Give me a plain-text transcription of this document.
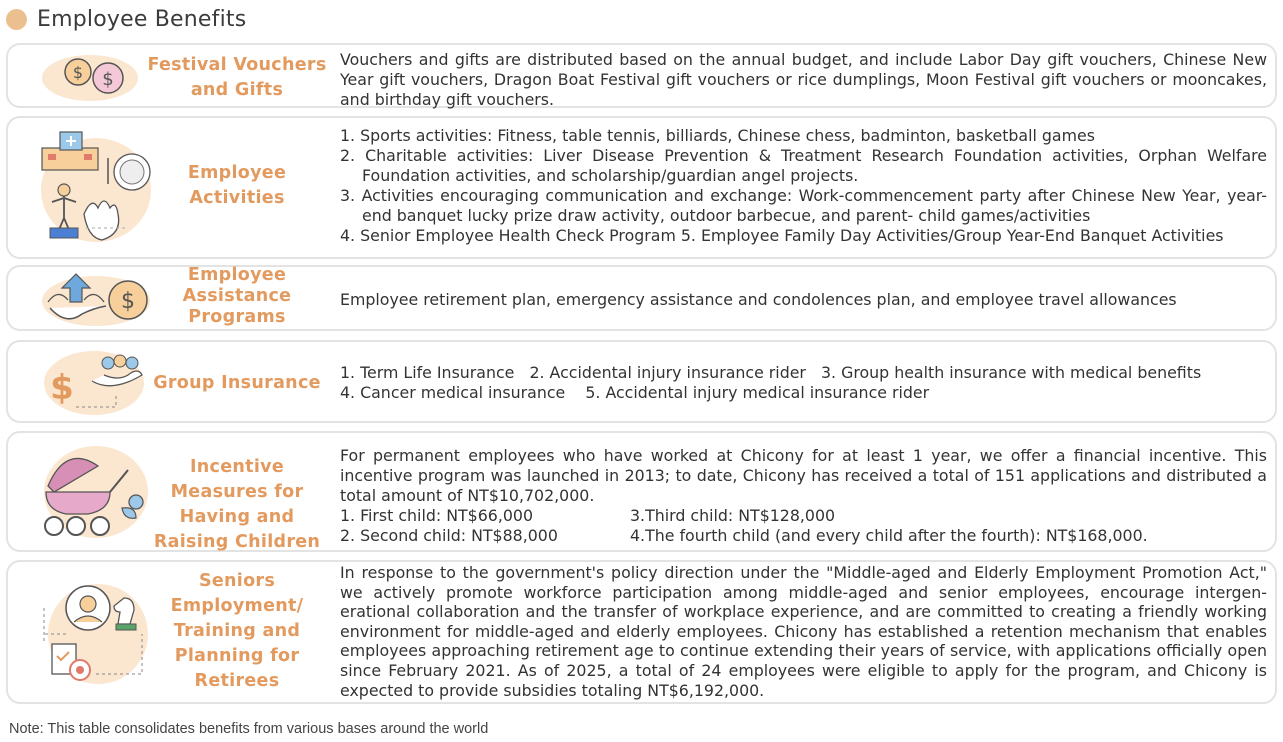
Employee Benefits
$ $
Festival Vouchers and Gifts

Vouchers and gifts are distributed based on the annual budget, and include Labor Day gift vouchers, Chinese New Year gift vouchers, Dragon Boat Festival gift vouchers or rice dumplings, Moon Festival gift vouchers or mooncakes, and birthday gift vouchers.

Employee Activities
1. Sports activities: Fitness, table tennis, billiards, Chinese chess, badminton, basketball games
2. Charitable activities: Liver Disease Prevention & Treatment Research Foundation activities, Orphan Welfare Foundation activities, and scholarship/guardian angel projects.
3. Activities encouraging communication and exchange: Work-commencement party after Chinese New Year, year-end banquet lucky prize draw activity, outdoor barbecue, and parent- child games/activities
4. Senior Employee Health Check Program 5. Employee Family Day Activities/Group Year-End Banquet Activities
$
Employee Assistance Programs

Employee retirement plan, emergency assistance and condolences plan, and employee travel allowances

$	Group Insurance

1. Term Life Insurance   2. Accidental injury insurance rider   3. Group health insurance with medical benefits

4. Cancer medical insurance    5. Accidental injury medical insurance rider

Incentive Measures for Having and Raising Children

For permanent employees who have worked at Chicony for at least 1 year, we offer a financial incentive. This incentive program was launched in 2013; to date, Chicony has received a total of 151 applications and distributed a total amount of NT$10,702,000.

1. First child: NT$66,000
2. Second child: NT$88,000
3.Third child: NT$128,000
4.The fourth child (and every child after the fourth): NT$168,000.
Seniors Employment/ Training and Planning for Retirees

In response to the government's policy direction under the "Middle-aged and Elderly Employment Promotion Act," we actively promote workforce participation among middle-aged and senior employees, encourage intergenerational collaboration and the transfer of workplace experience, and are committed to creating a friendly working environment for middle-aged and elderly employees. Chicony has established a retention mechanism that enables employees approaching retirement age to continue extending their years of service, with applications officially open since February 2021. As of 2025, a total of 24 employees were eligible to apply for the program, and Chicony is expected to provide subsidies totaling NT$6,192,000.

Note: This table consolidates benefits from various bases around the world
